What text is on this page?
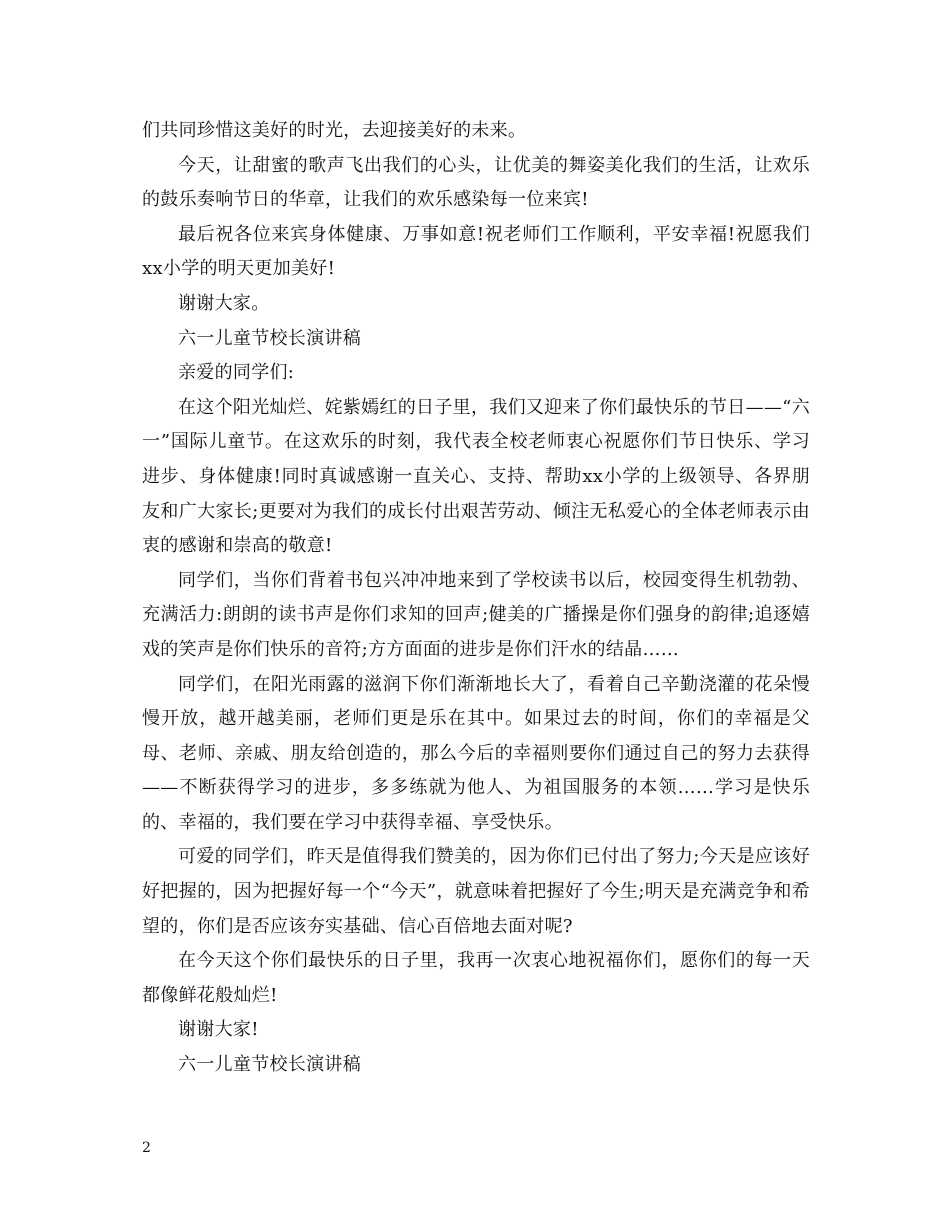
们共同珍惜这美好的时光，去迎接美好的未来。

今天，让甜蜜的歌声飞出我们的心头，让优美的舞姿美化我们的生活，让欢乐的鼓乐奏响节日的华章，让我们的欢乐感染每一位来宾!

最后祝各位来宾身体健康、万事如意!祝老师们工作顺利，平安幸福!祝愿我们xx小学的明天更加美好!

谢谢大家。

六一儿童节校长演讲稿

亲爱的同学们:

在这个阳光灿烂、姹紫嫣红的日子里，我们又迎来了你们最快乐的节日——“六一”国际儿童节。在这欢乐的时刻，我代表全校老师衷心祝愿你们节日快乐、学习进步、身体健康!同时真诚感谢一直关心、支持、帮助xx小学的上级领导、各界朋友和广大家长;更要对为我们的成长付出艰苦劳动、倾注无私爱心的全体老师表示由衷的感谢和崇高的敬意!

同学们，当你们背着书包兴冲冲地来到了学校读书以后，校园变得生机勃勃、充满活力:朗朗的读书声是你们求知的回声;健美的广播操是你们强身的韵律;追逐嬉戏的笑声是你们快乐的音符;方方面面的进步是你们汗水的结晶……

同学们，在阳光雨露的滋润下你们渐渐地长大了，看着自己辛勤浇灌的花朵慢慢开放，越开越美丽，老师们更是乐在其中。如果过去的时间，你们的幸福是父母、老师、亲戚、朋友给创造的，那么今后的幸福则要你们通过自己的努力去获得——不断获得学习的进步，多多练就为他人、为祖国服务的本领……学习是快乐的、幸福的，我们要在学习中获得幸福、享受快乐。

可爱的同学们，昨天是值得我们赞美的，因为你们已付出了努力;今天是应该好好把握的，因为把握好每一个“今天”，就意味着把握好了今生;明天是充满竞争和希望的，你们是否应该夯实基础、信心百倍地去面对呢?

在今天这个你们最快乐的日子里，我再一次衷心地祝福你们，愿你们的每一天都像鲜花般灿烂!

谢谢大家!

六一儿童节校长演讲稿

2
